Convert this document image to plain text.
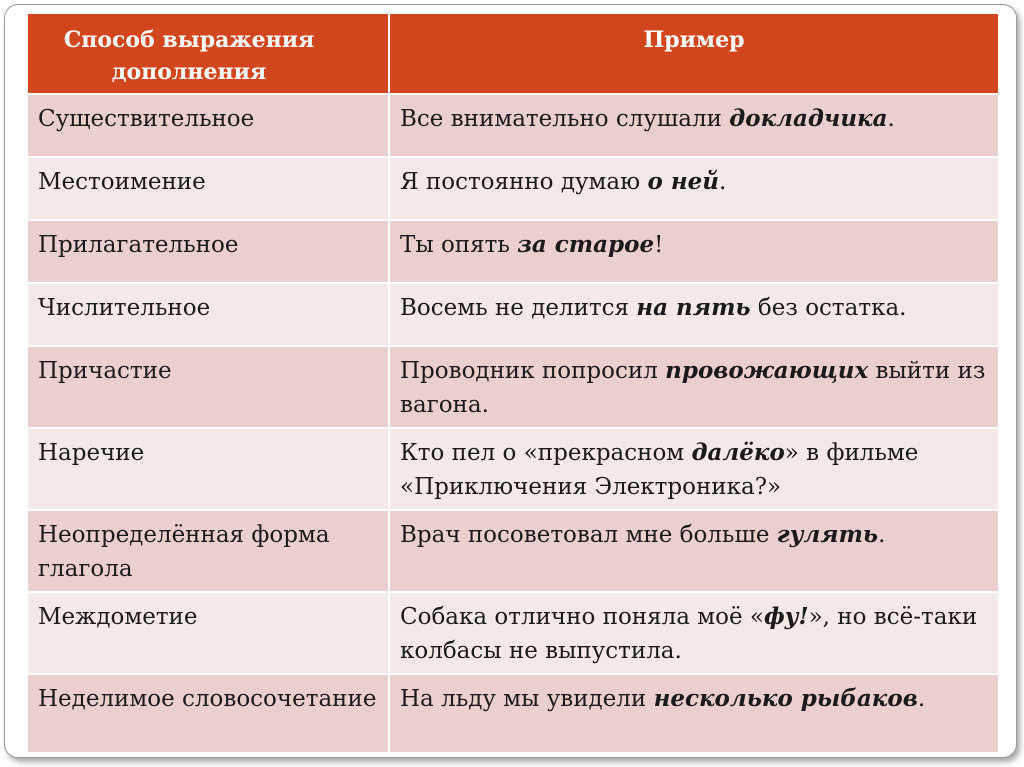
Способ выражения дополнения	Пример
Существительное	Все внимательно слушали докладчика.
Местоимение	Я постоянно думаю о ней.
Прилагательное	Ты опять за старое!
Числительное	Восемь не делится на пять без остатка.
Причастие	Проводник попросил провожающих выйти из вагона.
Наречие	Кто пел о «прекрасном далёко» в фильме «Приключения Электроника?»
Неопределённая форма глагола	Врач посоветовал мне больше гулять.
Междометие	Собака отлично поняла моё «фу!», но всё-таки колбасы не выпустила.
Неделимое словосочетание	На льду мы увидели несколько рыбаков.
